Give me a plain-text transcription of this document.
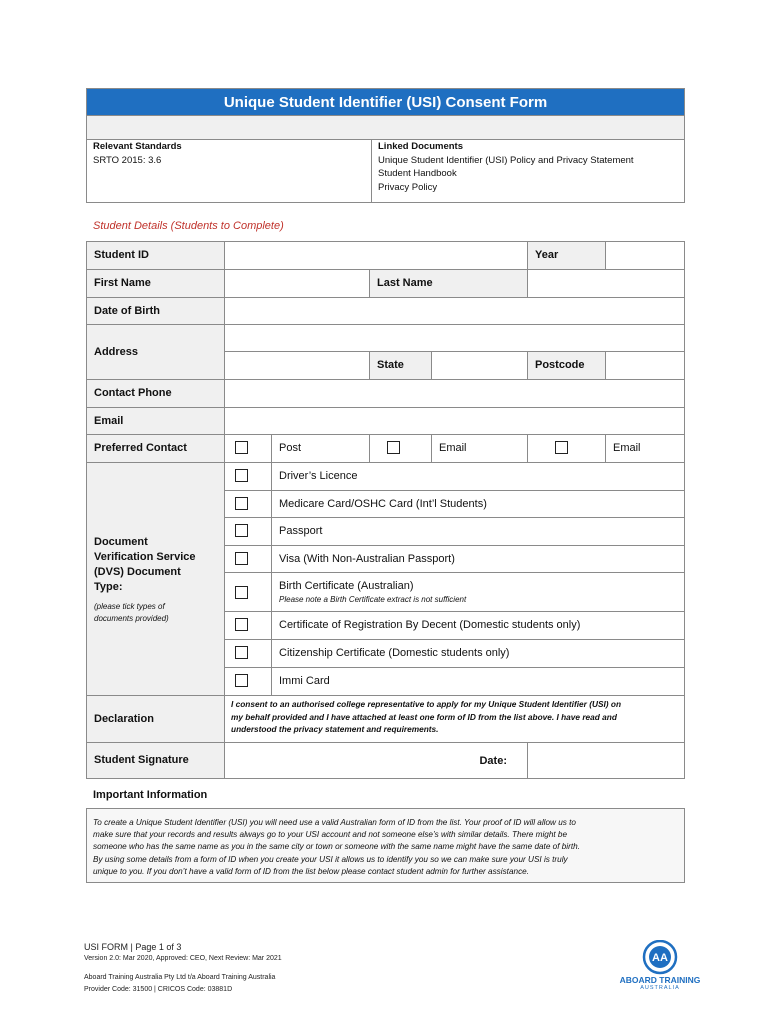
Unique Student Identifier (USI) Consent Form
Relevant Standards
SRTO 2015: 3.6
Linked Documents
Unique Student Identifier (USI) Policy and Privacy Statement
Student Handbook
Privacy Policy
Student Details (Students to Complete)
Student ID	Year
First Name	Last Name
Date of Birth
Address
State	Postcode
Contact Phone
Email
Preferred Contact	Post	Email	Email
Document
Verification Service
(DVS) Document
Type:
(please tick types of
documents provided)
Driver’s Licence
Medicare Card/OSHC Card (Int’l Students)
Passport
Visa (With Non-Australian Passport)
Birth Certificate (Australian)
Please note a Birth Certificate extract is not sufficient
Certificate of Registration By Decent (Domestic students only)
Citizenship Certificate (Domestic students only)
Immi Card
Declaration
I consent to an authorised college representative to apply for my Unique Student Identifier (USI) on
my behalf provided and I have attached at least one form of ID from the list above. I have read and
understood the privacy statement and requirements.
Student Signature	Date:
Important Information
To create a Unique Student Identifier (USI) you will need use a valid Australian form of ID from the list. Your proof of ID will allow us to
make sure that your records and results always go to your USI account and not someone else’s with similar details. There might be
someone who has the same name as you in the same city or town or someone with the same name might have the same date of birth.
By using some details from a form of ID when you create your USI it allows us to identify you so we can make sure your USI is truly
unique to you. If you don’t have a valid form of ID from the list below please contact student admin for further assistance.
USI FORM | Page 1 of 3
Version 2.0: Mar 2020, Approved: CEO, Next Review: Mar 2021
Aboard Training Australia Pty Ltd t/a Aboard Training Australia
Provider Code: 31500 | CRICOS Code: 03881D
AA
ABOARD TRAINING
AUSTRALIA
